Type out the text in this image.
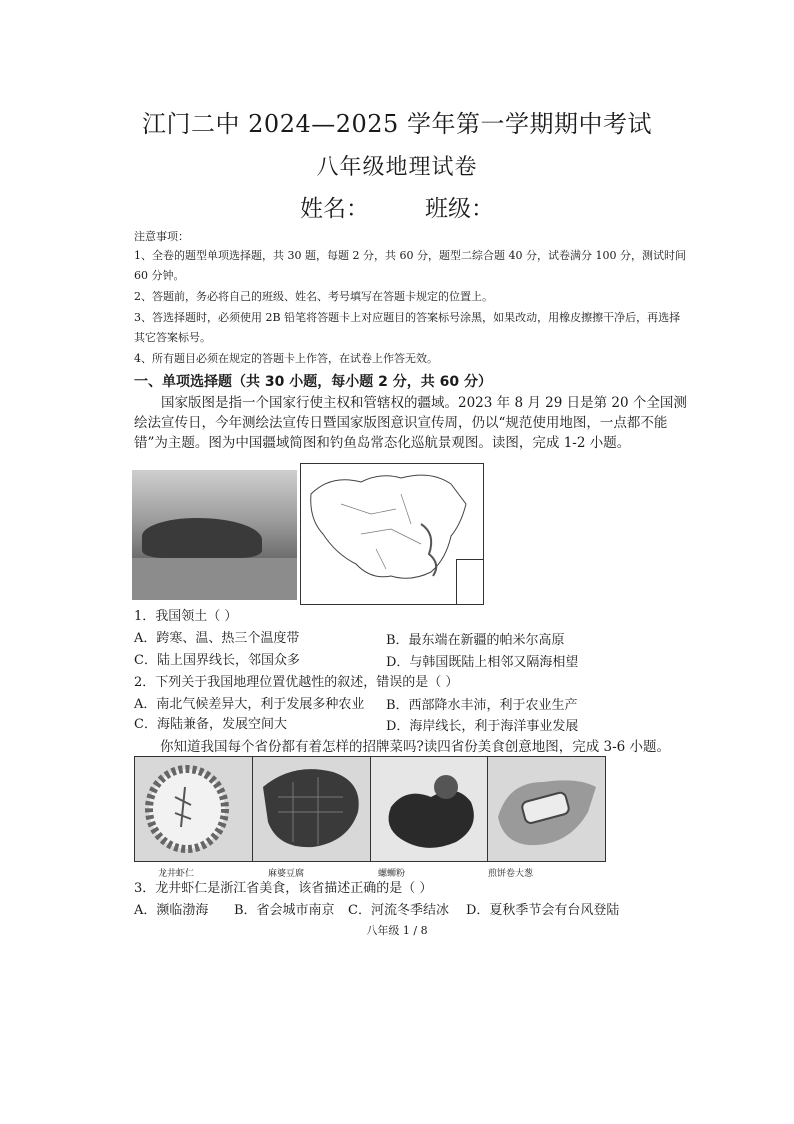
江门二中 2024—2025 学年第一学期期中考试
八年级地理试卷
姓名： 班级：
注意事项：
1、全卷的题型单项选择题，共 30 题，每题 2 分，共 60 分，题型二综合题 40 分，试卷满分 100 分，测试时间 60 分钟。
2、答题前，务必将自己的班级、姓名、考号填写在答题卡规定的位置上。
3、答选择题时，必须使用 2B 铅笔将答题卡上对应题目的答案标号涂黑，如果改动，用橡皮擦擦干净后，再选择其它答案标号。
4、所有题目必须在规定的答题卡上作答，在试卷上作答无效。
一、单项选择题（共 30 小题，每小题 2 分，共 60 分）
国家版图是指一个国家行使主权和管辖权的疆域。2023 年 8 月 29 日是第 20 个全国测绘法宣传日，今年测绘法宣传日暨国家版图意识宣传周，仍以“规范使用地图，一点都不能错”为主题。图为中国疆域简图和钓鱼岛常态化巡航景观图。读图，完成 1-2 小题。
1．我国领土（ ）
A．跨寒、温、热三个温度带	B．最东端在新疆的帕米尔高原
C．陆上国界线长，邻国众多	D．与韩国既陆上相邻又隔海相望
2．下列关于我国地理位置优越性的叙述，错误的是（ ）
A．南北气候差异大，利于发展多种农业 B．西部降水丰沛，利于农业生产
C．海陆兼备，发展空间大	D．海岸线长，利于海洋事业发展
你知道我国每个省份都有着怎样的招牌菜吗?读四省份美食创意地图，完成 3-6 小题。
龙井虾仁	麻婆豆腐	螺蛳粉	煎饼卷大葱
3．龙井虾仁是浙江省美食，该省描述正确的是（ ）
A．濒临渤海 B．省会城市南京 C．河流冬季结冰 D．夏秋季节会有台风登陆
八年级 1 / 8
